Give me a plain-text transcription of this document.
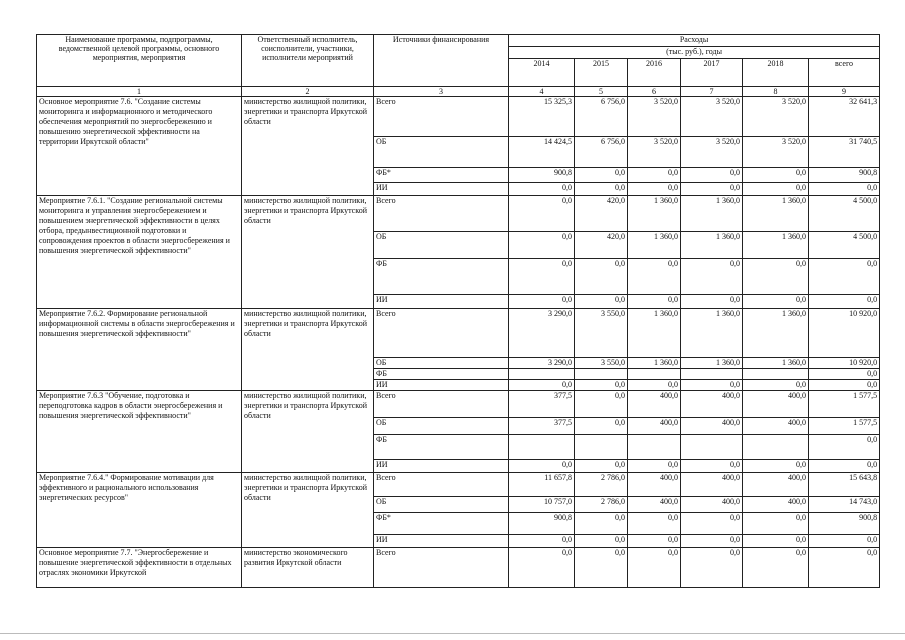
Наименование программы, подпрограммы, ведомственной целевой программы, основного мероприятия, мероприятия	Ответственный исполнитель, соисполнители, участники, исполнители мероприятий	Источники финансирования	Расходы					
			(тыс. руб.), годы					
			2014	2015	2016	2017	2018	всего
1	2	3	4	5	6	7	8	9
Основное мероприятие 7.6. "Создание системы мониторинга и информационного и методического обеспечения мероприятий по энергосбережению и повышению энергетической эффективности на территории Иркутской области"	министерство жилищной политики, энергетики и транспорта Иркутской области	Всего	15 325,3	6 756,0	3 520,0	3 520,0	3 520,0	32 641,3
		ОБ	14 424,5	6 756,0	3 520,0	3 520,0	3 520,0	31 740,5
		ФБ*	900,8	0,0	0,0	0,0	0,0	900,8
		ИИ	0,0	0,0	0,0	0,0	0,0	0,0
Мероприятие 7.6.1. "Создание региональной системы мониторинга и управления энергосбережением и повышением энергетической эффективности в целях отбора, предынвестиционной подготовки и сопровождения проектов в области энергосбережения и повышения энергетической эффективности"	министерство жилищной политики, энергетики и транспорта Иркутской области	Всего	0,0	420,0	1 360,0	1 360,0	1 360,0	4 500,0
		ОБ	0,0	420,0	1 360,0	1 360,0	1 360,0	4 500,0
		ФБ	0,0	0,0	0,0	0,0	0,0	0,0
		ИИ	0,0	0,0	0,0	0,0	0,0	0,0
Мероприятие 7.6.2. Формирование региональной информационной системы в области энергосбережения и повышения энергетической эффективности"	министерство жилищной политики, энергетики и транспорта Иркутской области	Всего	3 290,0	3 550,0	1 360,0	1 360,0	1 360,0	10 920,0
		ОБ	3 290,0	3 550,0	1 360,0	1 360,0	1 360,0	10 920,0
		ФБ						0,0
		ИИ	0,0	0,0	0,0	0,0	0,0	0,0
Мероприятие 7.6.3 "Обучение, подготовка и переподготовка кадров в области энергосбережения и повышения энергетической эффективности"	министерство жилищной политики, энергетики и транспорта Иркутской области	Всего	377,5	0,0	400,0	400,0	400,0	1 577,5
		ОБ	377,5	0,0	400,0	400,0	400,0	1 577,5
		ФБ						0,0
		ИИ	0,0	0,0	0,0	0,0	0,0	0,0
Мероприятие 7.6.4." Формирование мотивации для эффективного и рационального использования энергетических ресурсов"	министерство жилищной политики, энергетики и транспорта Иркутской области	Всего	11 657,8	2 786,0	400,0	400,0	400,0	15 643,8
		ОБ	10 757,0	2 786,0	400,0	400,0	400,0	14 743,0
		ФБ*	900,8	0,0	0,0	0,0	0,0	900,8
		ИИ	0,0	0,0	0,0	0,0	0,0	0,0
Основное мероприятие 7.7. "Энергосбережение и повышение энергетической эффективности в отдельных отраслях экономики Иркутской	министерство экономического развития Иркутской области	Всего	0,0	0,0	0,0	0,0	0,0	0,0
